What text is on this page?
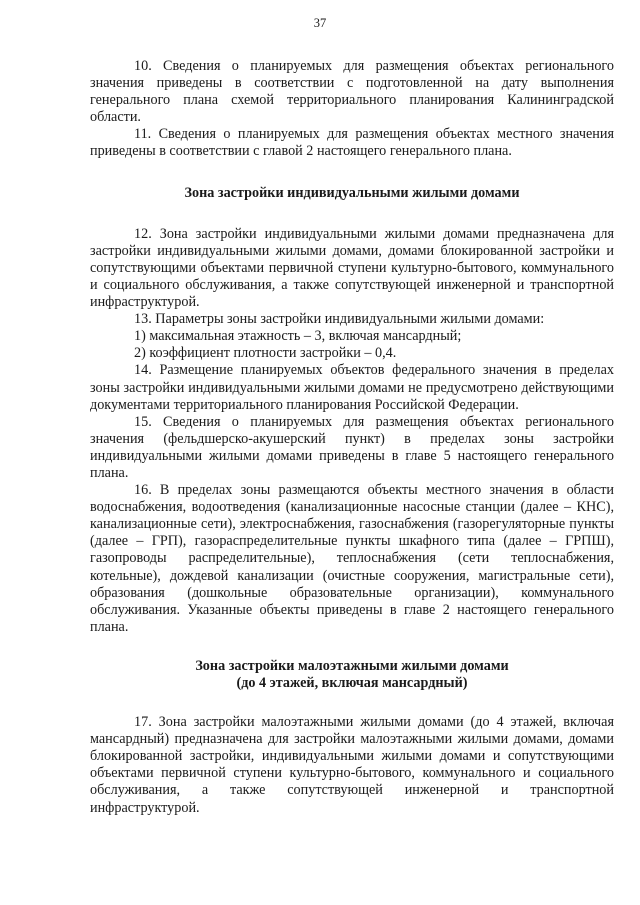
37

10. Сведения о планируемых для размещения объектах регионального значения приведены в соответствии с подготовленной на дату выполнения генерального плана схемой территориального планирования Калининградской области.

11. Сведения о планируемых для размещения объектах местного значения приведены в соответствии с главой 2 настоящего генерального плана.

Зона застройки индивидуальными жилыми домами

12. Зона застройки индивидуальными жилыми домами предназначена для застройки индивидуальными жилыми домами, домами блокированной застройки и сопутствующими объектами первичной ступени культурно-бытового, коммунального и социального обслуживания, а также сопутствующей инженерной и транспортной инфраструктурой.

13. Параметры зоны застройки индивидуальными жилыми домами:

1) максимальная этажность – 3, включая мансардный;

2) коэффициент плотности застройки – 0,4.

14. Размещение планируемых объектов федерального значения в пределах зоны застройки индивидуальными жилыми домами не предусмотрено действующими документами территориального планирования Российской Федерации.

15. Сведения о планируемых для размещения объектах регионального значения (фельдшерско-акушерский пункт) в пределах зоны застройки индивидуальными жилыми домами приведены в главе 5 настоящего генерального плана.

16. В пределах зоны размещаются объекты местного значения в области водоснабжения, водоотведения (канализационные насосные станции (далее – КНС), канализационные сети), электроснабжения, газоснабжения (газорегуляторные пункты (далее – ГРП), газораспределительные пункты шкафного типа (далее – ГРПШ), газопроводы распределительные), теплоснабжения (сети теплоснабжения, котельные), дождевой канализации (очистные сооружения, магистральные сети), образования (дошкольные образовательные организации), коммунального обслуживания. Указанные объекты приведены в главе 2 настоящего генерального плана.

Зона застройки малоэтажными жилыми домами
(до 4 этажей, включая мансардный)

17. Зона застройки малоэтажными жилыми домами (до 4 этажей, включая мансардный) предназначена для застройки малоэтажными жилыми домами, домами блокированной застройки, индивидуальными жилыми домами и сопутствующими объектами первичной ступени культурно-бытового, коммунального и социального обслуживания, а также сопутствующей инженерной и транспортной инфраструктурой.
